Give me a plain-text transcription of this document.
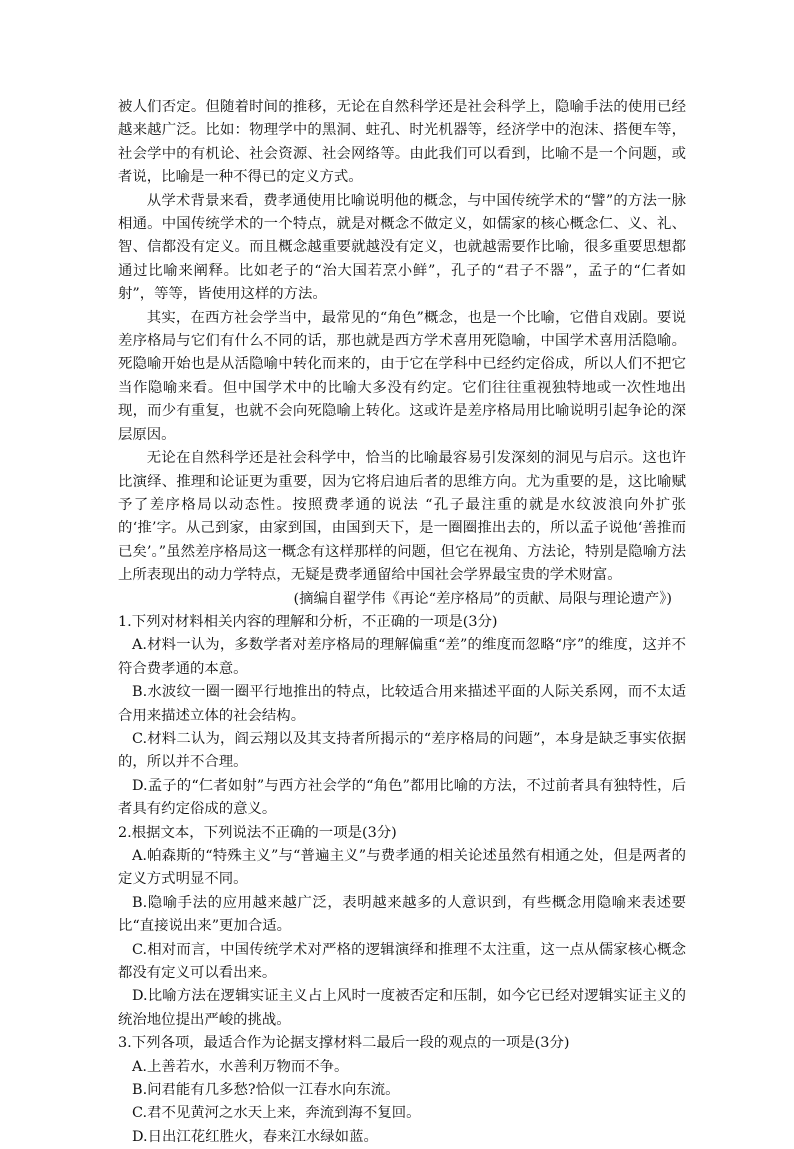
被人们否定。但随着时间的推移，无论在自然科学还是社会科学上，隐喻手法的使用已经越来越广泛。比如：物理学中的黑洞、蛀孔、时光机器等，经济学中的泡沫、搭便车等，社会学中的有机论、社会资源、社会网络等。由此我们可以看到，比喻不是一个问题，或者说，比喻是一种不得已的定义方式。

从学术背景来看，费孝通使用比喻说明他的概念，与中国传统学术的“譬”的方法一脉相通。中国传统学术的一个特点，就是对概念不做定义，如儒家的核心概念仁、义、礼、智、信都没有定义。而且概念越重要就越没有定义，也就越需要作比喻，很多重要思想都通过比喻来阐释。比如老子的“治大国若烹小鲜”，孔子的“君子不器”，孟子的“仁者如射”，等等，皆使用这样的方法。

其实，在西方社会学当中，最常见的“角色”概念，也是一个比喻，它借自戏剧。要说差序格局与它们有什么不同的话，那也就是西方学术喜用死隐喻，中国学术喜用活隐喻。死隐喻开始也是从活隐喻中转化而来的，由于它在学科中已经约定俗成，所以人们不把它当作隐喻来看。但中国学术中的比喻大多没有约定。它们往往重视独特地或一次性地出现，而少有重复，也就不会向死隐喻上转化。这或许是差序格局用比喻说明引起争论的深层原因。

无论在自然科学还是社会科学中，恰当的比喻最容易引发深刻的洞见与启示。这也许比演绎、推理和论证更为重要，因为它将启迪后者的思维方向。尤为重要的是，这比喻赋予了差序格局以动态性。按照费孝通的说法 “孔子最注重的就是水纹波浪向外扩张的‘推’字。从己到家，由家到国，由国到天下，是一圈圈推出去的，所以孟子说他‘善推而已矣’。”虽然差序格局这一概念有这样那样的问题，但它在视角、方法论，特别是隐喻方法上所表现出的动力学特点，无疑是费孝通留给中国社会学界最宝贵的学术财富。

(摘编自翟学伟《再论“差序格局”的贡献、局限与理论遗产》)

1.下列对材料相关内容的理解和分析，不正确的一项是(3分)

A.材料一认为，多数学者对差序格局的理解偏重“差”的维度而忽略“序”的维度，这并不符合费孝通的本意。

B.水波纹一圈一圈平行地推出的特点，比较适合用来描述平面的人际关系网，而不太适合用来描述立体的社会结构。

C.材料二认为，阎云翔以及其支持者所揭示的“差序格局的问题”，本身是缺乏事实依据的，所以并不合理。

D.孟子的“仁者如射”与西方社会学的“角色”都用比喻的方法，不过前者具有独特性，后者具有约定俗成的意义。

2.根据文本，下列说法不正确的一项是(3分)

A.帕森斯的“特殊主义”与“普遍主义”与费孝通的相关论述虽然有相通之处，但是两者的定义方式明显不同。

B.隐喻手法的应用越来越广泛，表明越来越多的人意识到，有些概念用隐喻来表述要比“直接说出来”更加合适。

C.相对而言，中国传统学术对严格的逻辑演绎和推理不太注重，这一点从儒家核心概念都没有定义可以看出来。

D.比喻方法在逻辑实证主义占上风时一度被否定和压制，如今它已经对逻辑实证主义的统治地位提出严峻的挑战。

3.下列各项，最适合作为论据支撑材料二最后一段的观点的一项是(3分)

A.上善若水，水善利万物而不争。

B.问君能有几多愁?恰似一江春水向东流。

C.君不见黄河之水天上来，奔流到海不复回。

D.日出江花红胜火，春来江水绿如蓝。
